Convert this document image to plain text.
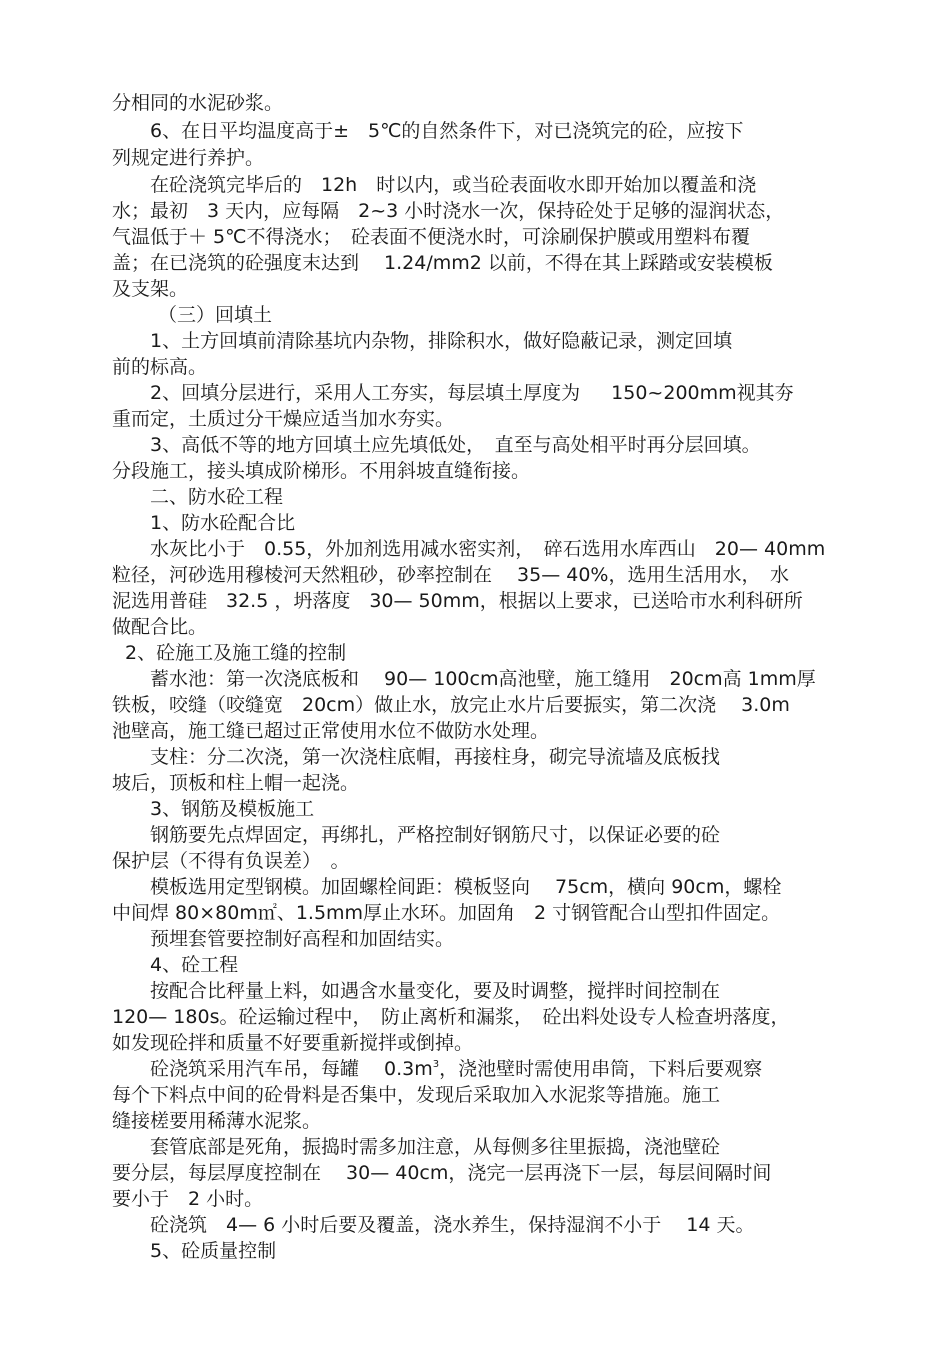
分相同的水泥砂浆。

6、在日平均温度高于±　5℃的自然条件下，对已浇筑完的砼，应按下

列规定进行养护。

在砼浇筑完毕后的　12h　时以内，或当砼表面收水即开始加以覆盖和浇

水；最初　3 天内，应每隔　2~3 小时浇水一次，保持砼处于足够的湿润状态，

气温低于＋ 5℃不得浇水；　砼表面不便浇水时，可涂刷保护膜或用塑料布覆

盖；在已浇筑的砼强度末达到　 1.24/mm2 以前，不得在其上踩踏或安装模板

及支架。

（三）回填土

1、土方回填前清除基坑内杂物，排除积水，做好隐蔽记录，测定回填

前的标高。

2、回填分层进行，采用人工夯实，每层填土厚度为　  150~200mm视其夯

重而定，土质过分干燥应适当加水夯实。

3、高低不等的地方回填土应先填低处，　直至与高处相平时再分层回填。

分段施工，接头填成阶梯形。不用斜坡直缝衔接。

二、防水砼工程

1、防水砼配合比

水灰比小于　0.55，外加剂选用减水密实剂，　碎石选用水库西山　20— 40mm

粒径，河砂选用穆棱河天然粗砂，砂率控制在　 35— 40%，选用生活用水，　水

泥选用普硅　32.5 ，坍落度　30— 50mm，根据以上要求，已送哈市水利科研所

做配合比。

2、砼施工及施工缝的控制

蓄水池：第一次浇底板和　 90— 100cm高池壁，施工缝用　20cm高 1mm厚

铁板，咬缝（咬缝宽　20cm）做止水，放完止水片后要振实，第二次浇　 3.0m

池壁高，施工缝已超过正常使用水位不做防水处理。

支柱：分二次浇，第一次浇柱底帽，再接柱身，砌完导流墙及底板找

坡后，顶板和柱上帽一起浇。

3、钢筋及模板施工

钢筋要先点焊固定，再绑扎，严格控制好钢筋尺寸，以保证必要的砼

保护层（不得有负误差）　。

模板选用定型钢模。加固螺栓间距：模板竖向　 75cm，横向 90cm，螺栓

中间焊 80×80m㎡、1.5mm厚止水环。加固角　2 寸钢管配合山型扣件固定。

预埋套管要控制好高程和加固结实。

4、砼工程

按配合比秤量上料，如遇含水量变化，要及时调整，搅拌时间控制在

120— 180s。砼运输过程中，　防止离析和漏浆，　砼出料处设专人检查坍落度，

如发现砼拌和质量不好要重新搅拌或倒掉。

砼浇筑采用汽车吊，每罐　 $0.3m^3$，浇池壁时需使用串筒，下料后要观察

每个下料点中间的砼骨料是否集中，发现后采取加入水泥浆等措施。施工

缝接槎要用稀薄水泥浆。

套管底部是死角，振捣时需多加注意，从每侧多往里振捣，浇池壁砼

要分层，每层厚度控制在　 30— 40cm，浇完一层再浇下一层，每层间隔时间

要小于　2 小时。

砼浇筑　4— 6 小时后要及覆盖，浇水养生，保持湿润不小于　 14 天。

5、砼质量控制
